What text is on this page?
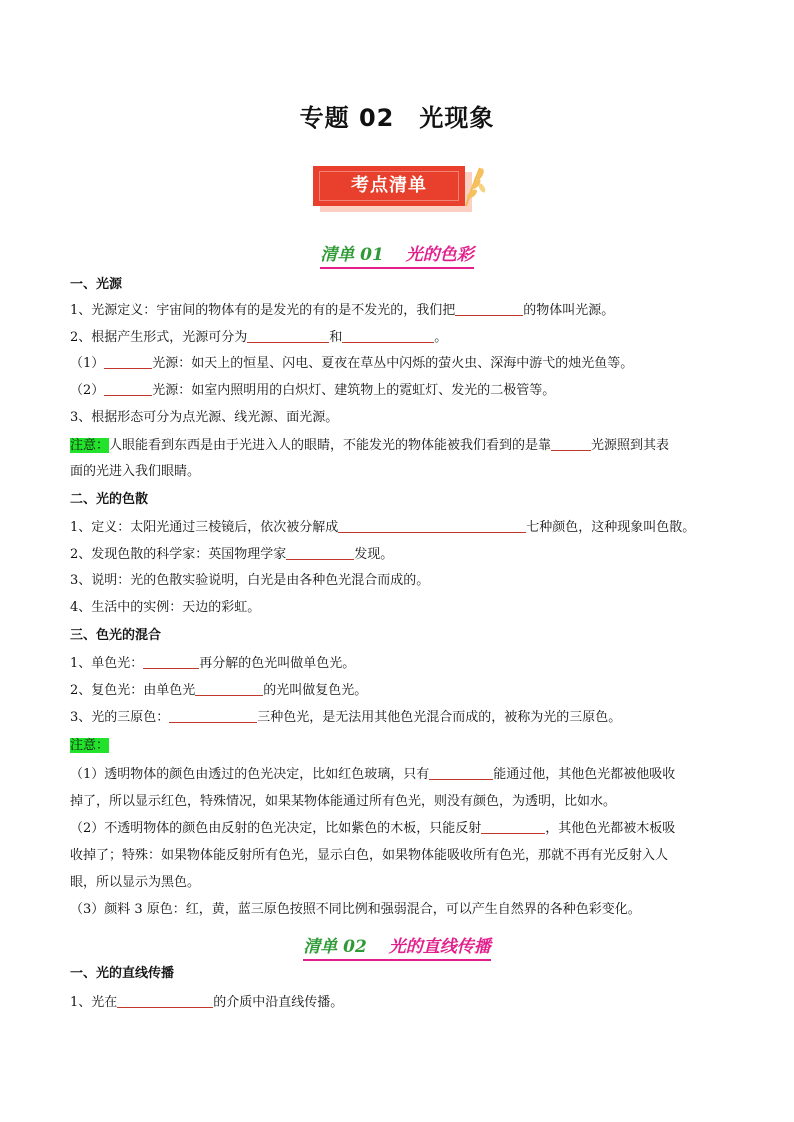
专题 02　光现象
考点清单
清单 01 光的色彩
一、光源
1、光源定义：宇宙间的物体有的是发光的有的是不发光的，我们把	的物体叫光源。
2、根据产生形式，光源可分为	和	。
（1）	光源：如天上的恒星、闪电、夏夜在草丛中闪烁的萤火虫、深海中游弋的烛光鱼等。
（2）	光源：如室内照明用的白炽灯、建筑物上的霓虹灯、发光的二极管等。
3、根据形态可分为点光源、线光源、面光源。
注意：人眼能看到东西是由于光进入人的眼睛，不能发光的物体能被我们看到的是靠	光源照到其表
面的光进入我们眼睛。
二、光的色散
1、定义：太阳光通过三棱镜后，依次被分解成	七种颜色，这种现象叫色散。
2、发现色散的科学家：英国物理学家	发现。
3、说明：光的色散实验说明，白光是由各种色光混合而成的。
4、生活中的实例：天边的彩虹。
三、色光的混合
1、单色光：	再分解的色光叫做单色光。
2、复色光：由单色光	的光叫做复色光。
3、光的三原色：	三种色光，是无法用其他色光混合而成的，被称为光的三原色。
注意：
（1）透明物体的颜色由透过的色光决定，比如红色玻璃，只有	能通过他，其他色光都被他吸收
掉了，所以显示红色，特殊情况，如果某物体能通过所有色光，则没有颜色，为透明，比如水。
（2）不透明物体的颜色由反射的色光决定，比如紫色的木板，只能反射	，其他色光都被木板吸
收掉了；特殊：如果物体能反射所有色光，显示白色，如果物体能吸收所有色光，那就不再有光反射入人
眼，所以显示为黑色。
（3）颜料 3 原色：红，黄，蓝三原色按照不同比例和强弱混合，可以产生自然界的各种色彩变化。
清单 02 光的直线传播
一、光的直线传播
1、光在	的介质中沿直线传播。
